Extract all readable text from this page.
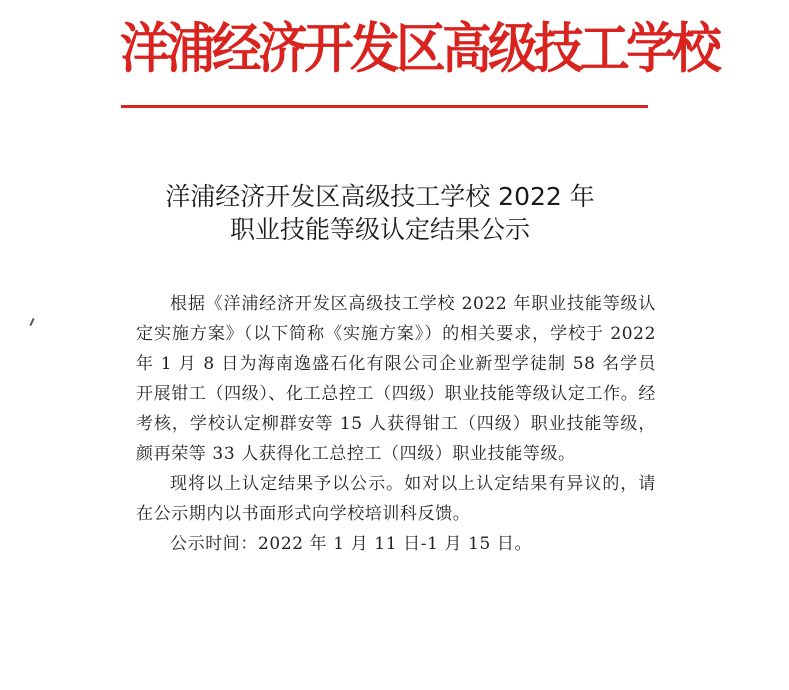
洋浦经济开发区高级技工学校
洋浦经济开发区高级技工学校 2022 年
职业技能等级认定结果公示

根据《洋浦经济开发区高级技工学校 2022 年职业技能等级认定实施方案》（以下简称《实施方案》）的相关要求，学校于 2022 年 1 月 8 日为海南逸盛石化有限公司企业新型学徒制 58 名学员开展钳工（四级）、化工总控工（四级）职业技能等级认定工作。经考核，学校认定柳群安等 15 人获得钳工（四级）职业技能等级，颜再荣等 33 人获得化工总控工（四级）职业技能等级。

现将以上认定结果予以公示。如对以上认定结果有异议的，请在公示期内以书面形式向学校培训科反馈。

公示时间：2022 年 1 月 11 日-1 月 15 日。
